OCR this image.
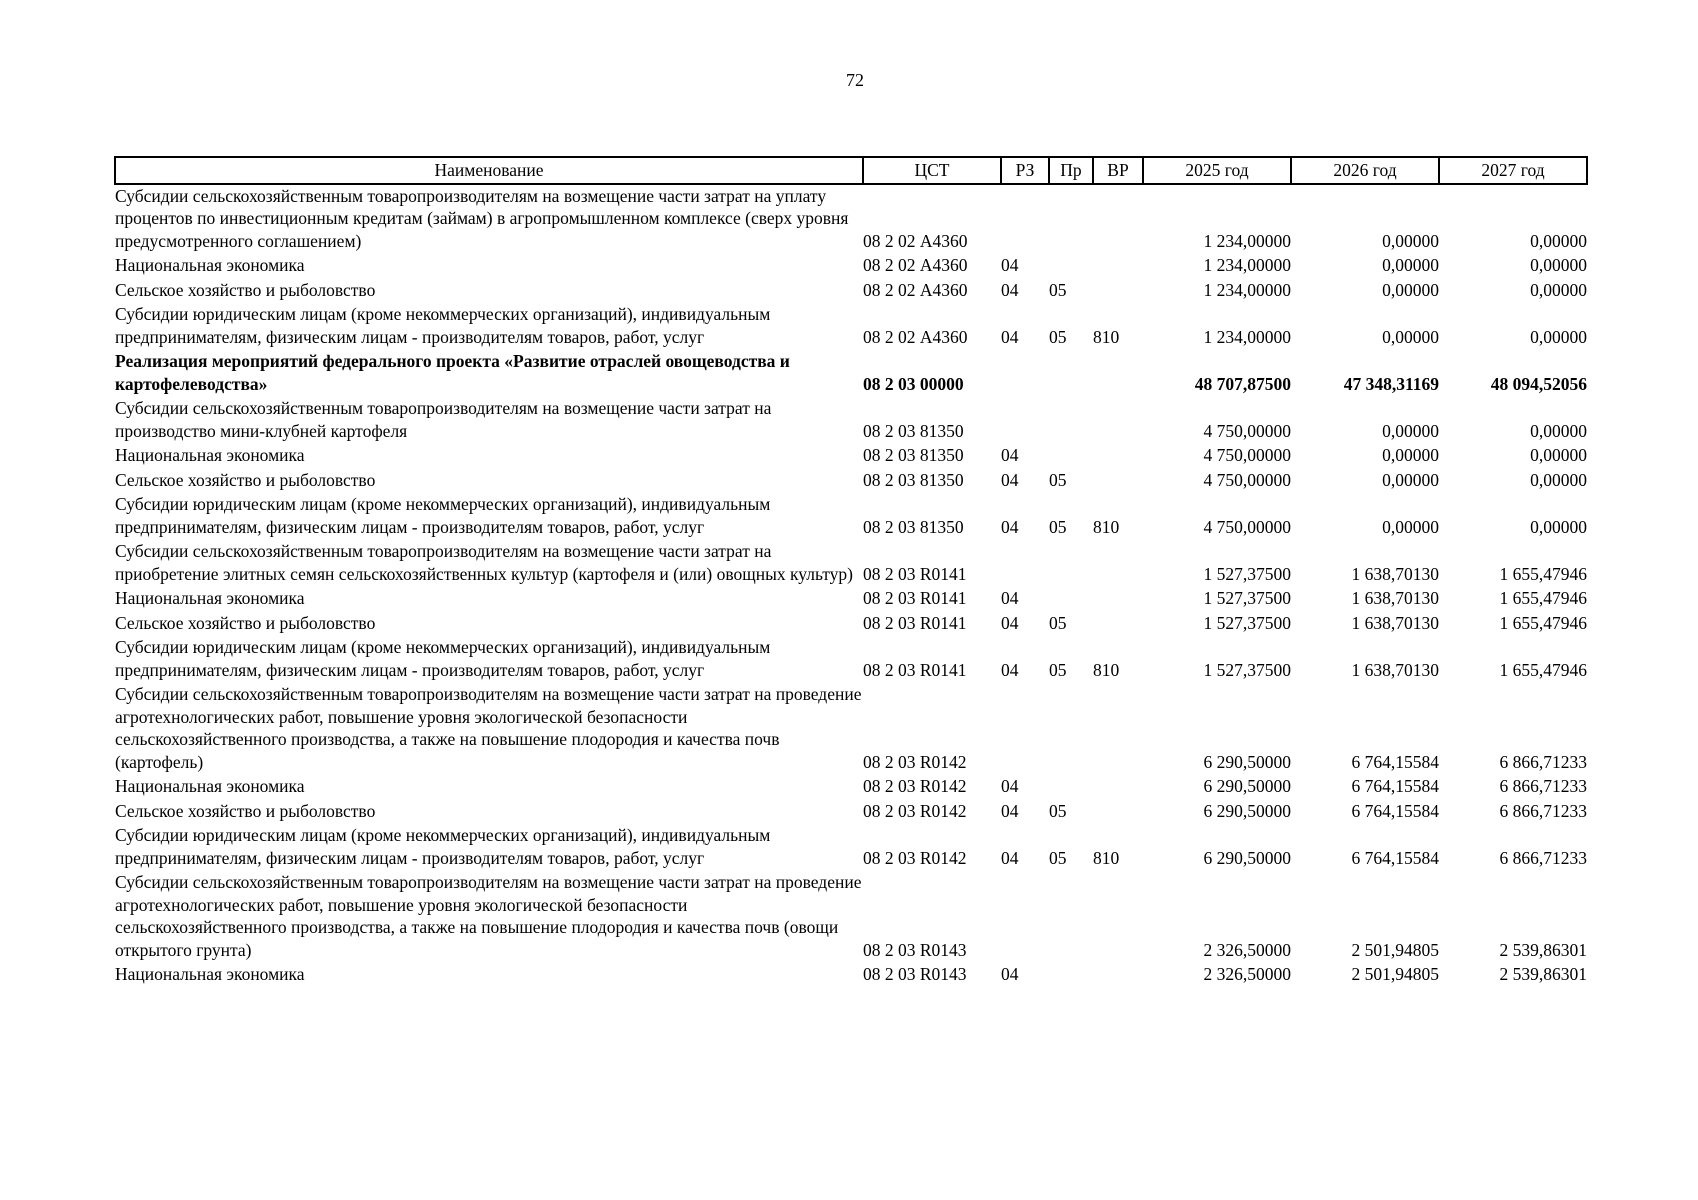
72
Наименование	ЦСТ	РЗ	Пр	ВР	2025 год	2026 год	2027 год
Субсидии сельскохозяйственным товаропроизводителям на возмещение части затрат на уплату процентов по инвестиционным кредитам (займам) в агропромышленном комплексе (сверх уровня предусмотренного соглашением)	08 2 02 А4360				1 234,00000	0,00000	0,00000
Национальная экономика	08 2 02 А4360	04			1 234,00000	0,00000	0,00000
Сельское хозяйство и рыболовство	08 2 02 А4360	04	05		1 234,00000	0,00000	0,00000
Субсидии юридическим лицам (кроме некоммерческих организаций), индивидуальным предпринимателям, физическим лицам - производителям товаров, работ, услуг	08 2 02 А4360	04	05	810	1 234,00000	0,00000	0,00000
Реализация мероприятий федерального проекта «Развитие отраслей овощеводства и картофелеводства»	08 2 03 00000				48 707,87500	47 348,31169	48 094,52056
Субсидии сельскохозяйственным товаропроизводителям на возмещение части затрат на производство мини-клубней картофеля	08 2 03 81350				4 750,00000	0,00000	0,00000
Национальная экономика	08 2 03 81350	04			4 750,00000	0,00000	0,00000
Сельское хозяйство и рыболовство	08 2 03 81350	04	05		4 750,00000	0,00000	0,00000
Субсидии юридическим лицам (кроме некоммерческих организаций), индивидуальным предпринимателям, физическим лицам - производителям товаров, работ, услуг	08 2 03 81350	04	05	810	4 750,00000	0,00000	0,00000
Субсидии сельскохозяйственным товаропроизводителям на возмещение части затрат на приобретение элитных семян сельскохозяйственных культур (картофеля и (или) овощных культур)	08 2 03 R0141				1 527,37500	1 638,70130	1 655,47946
Национальная экономика	08 2 03 R0141	04			1 527,37500	1 638,70130	1 655,47946
Сельское хозяйство и рыболовство	08 2 03 R0141	04	05		1 527,37500	1 638,70130	1 655,47946
Субсидии юридическим лицам (кроме некоммерческих организаций), индивидуальным предпринимателям, физическим лицам - производителям товаров, работ, услуг	08 2 03 R0141	04	05	810	1 527,37500	1 638,70130	1 655,47946
Субсидии сельскохозяйственным товаропроизводителям на возмещение части затрат на проведение агротехнологических работ, повышение уровня экологической безопасности сельскохозяйственного производства, а также на повышение плодородия и качества почв (картофель)	08 2 03 R0142				6 290,50000	6 764,15584	6 866,71233
Национальная экономика	08 2 03 R0142	04			6 290,50000	6 764,15584	6 866,71233
Сельское хозяйство и рыболовство	08 2 03 R0142	04	05		6 290,50000	6 764,15584	6 866,71233
Субсидии юридическим лицам (кроме некоммерческих организаций), индивидуальным предпринимателям, физическим лицам - производителям товаров, работ, услуг	08 2 03 R0142	04	05	810	6 290,50000	6 764,15584	6 866,71233
Субсидии сельскохозяйственным товаропроизводителям на возмещение части затрат на проведение агротехнологических работ, повышение уровня экологической безопасности сельскохозяйственного производства, а также на повышение плодородия и качества почв (овощи открытого грунта)	08 2 03 R0143				2 326,50000	2 501,94805	2 539,86301
Национальная экономика	08 2 03 R0143	04			2 326,50000	2 501,94805	2 539,86301
